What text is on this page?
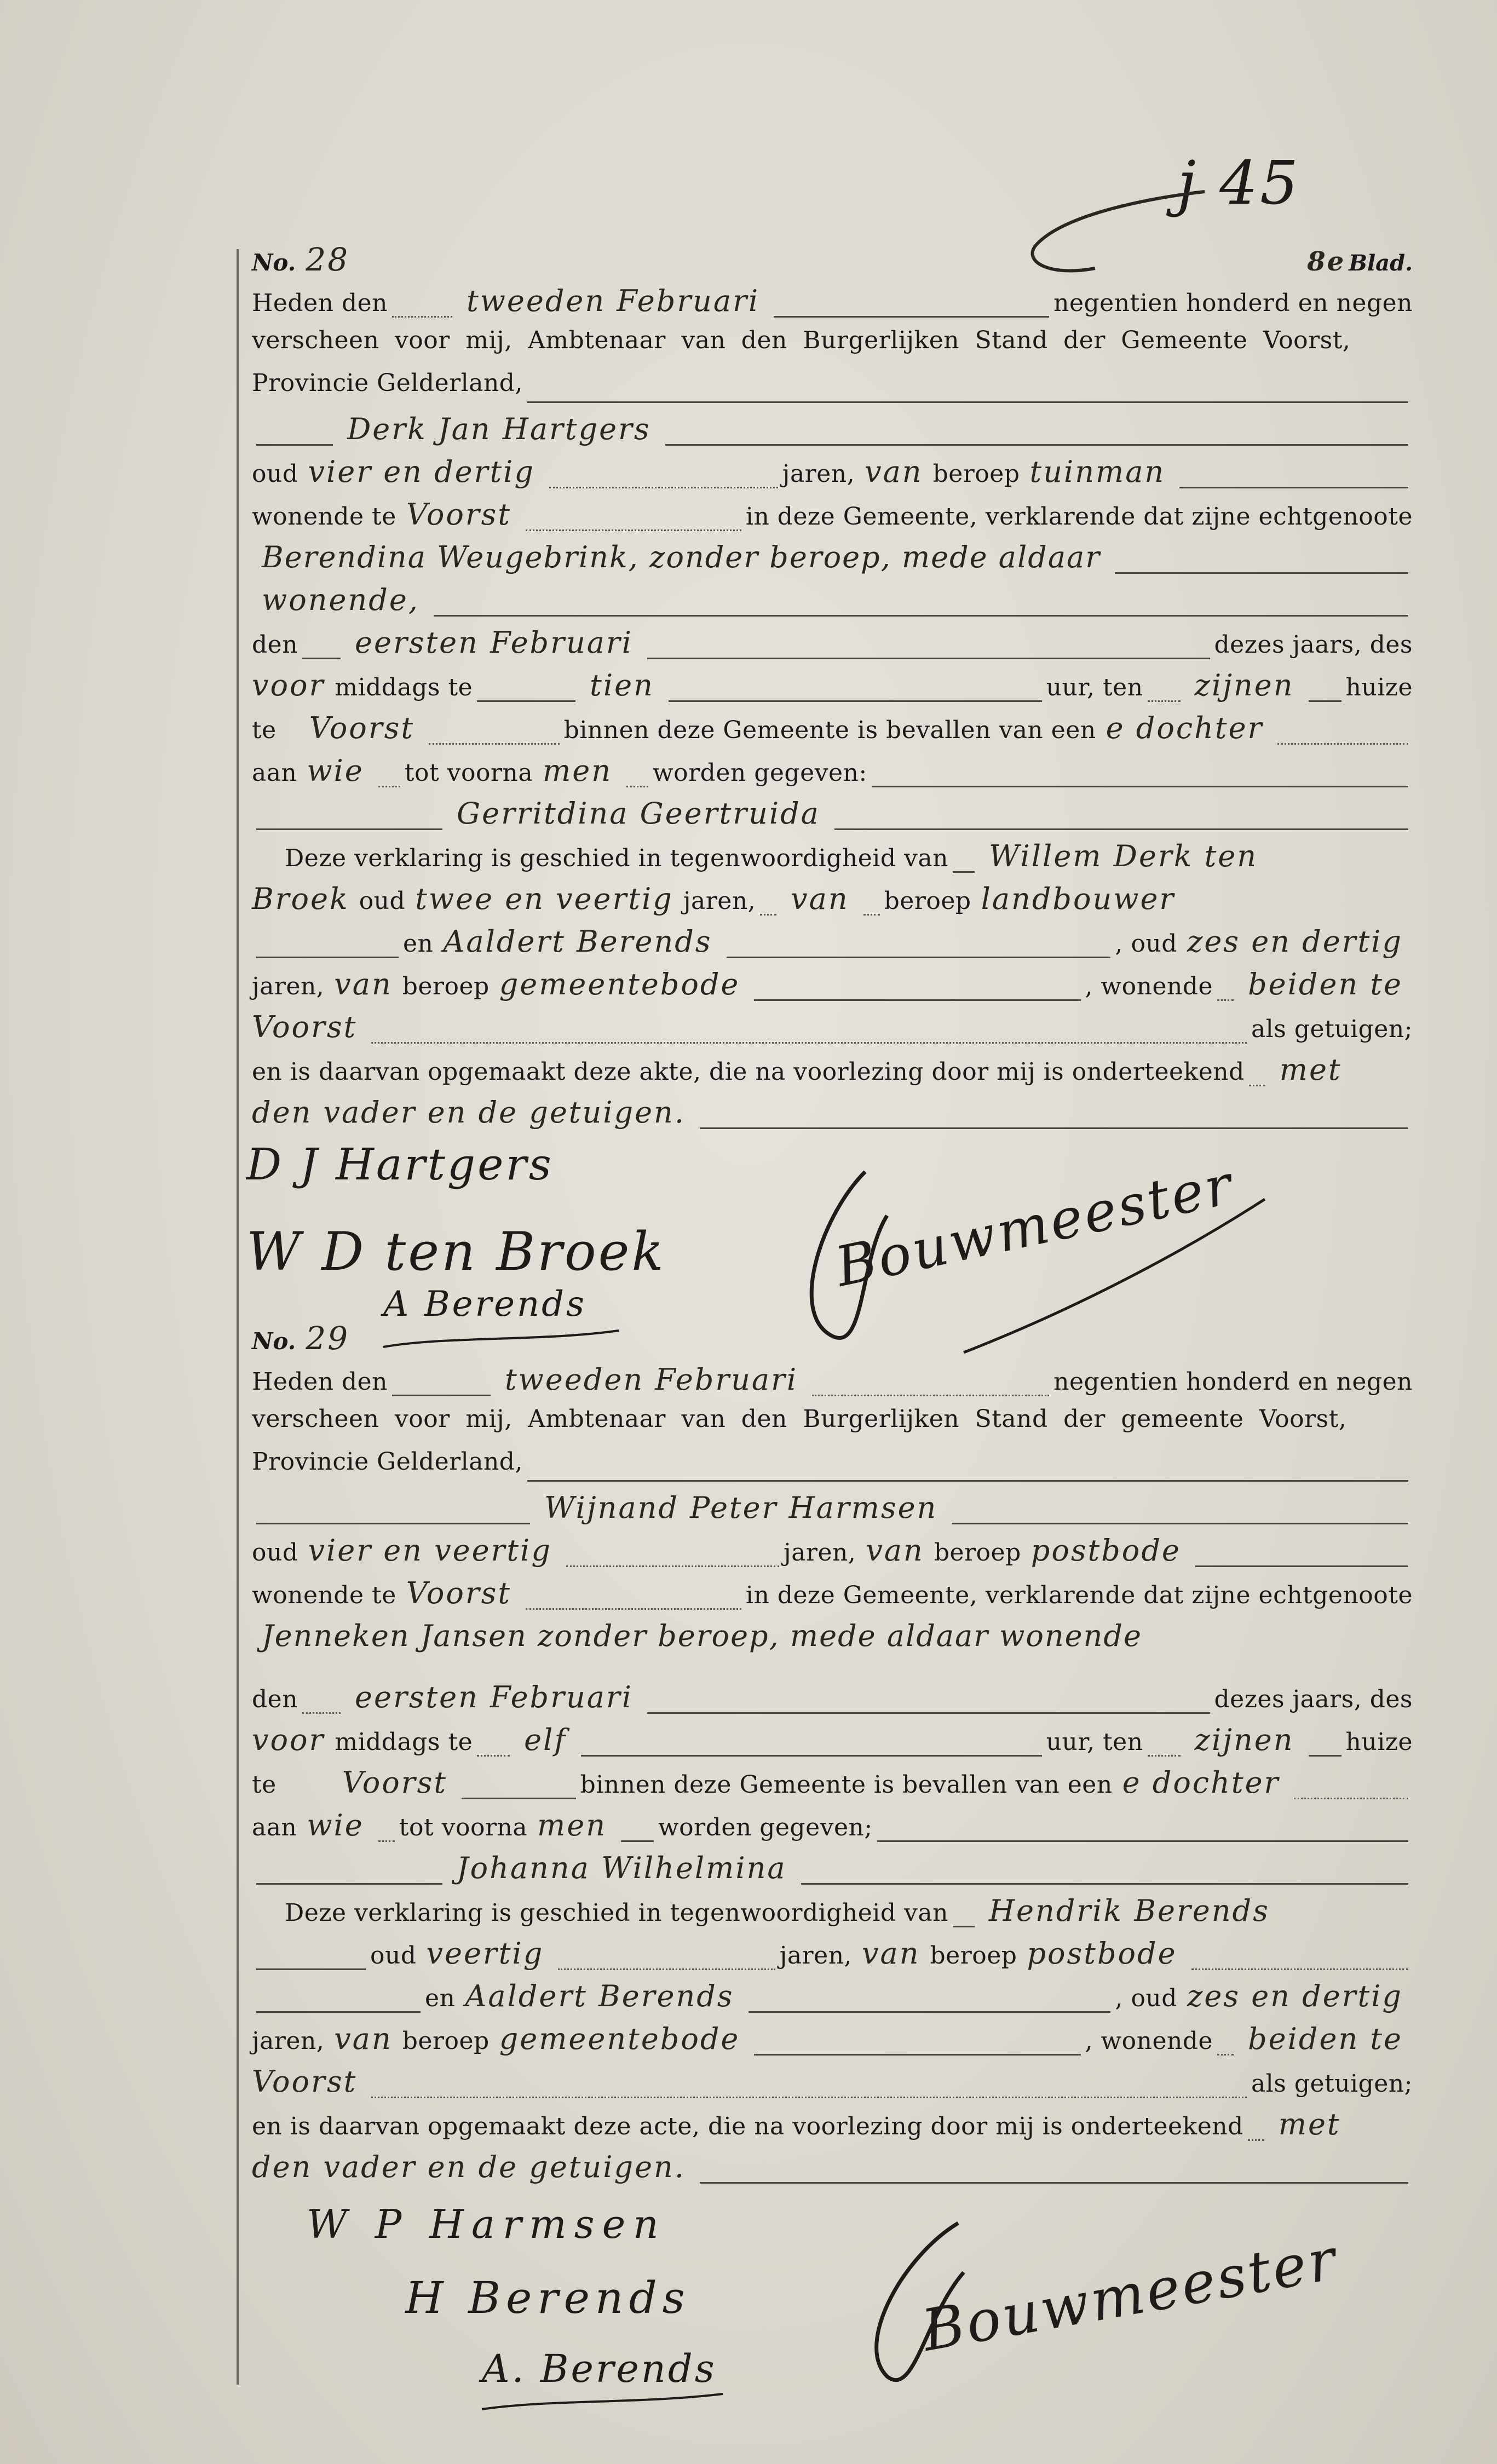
j 45
No. 28	8e Blad.
Heden den	tweeden Februari	negentien honderd en negen
verscheen voor mij, Ambtenaar van den Burgerlijken Stand der Gemeente Voorst,
Provincie Gelderland,
Derk Jan Hartgers
oud vier en dertig	jaren, van beroep tuinman
wonende te Voorst	in deze Gemeente, verklarende dat zijne echtgenoote
Berendina Weugebrink, zonder beroep, mede aldaar
wonende,
den	eersten Februari	dezes jaars, des
voor middags te	tien	uur, ten	zijnen	huize
te	Voorst	binnen deze Gemeente is bevallen van een e dochter
aan wie	tot voorna men	worden gegeven:
Gerritdina Geertruida
Deze verklaring is geschied in tegenwoordigheid van	Willem Derk ten
Broek oud twee en veertig jaren,	van	beroep landbouwer
en Aaldert Berends	, oud zes en dertig
jaren, van beroep gemeentebode	, wonende	beiden te
Voorst	als getuigen;
en is daarvan opgemaakt deze akte, die na voorlezing door mij is onderteekend	met
den vader en de getuigen.
D J Hartgers
W D ten Broek
A Berends
Bouwmeester
No. 29
Heden den	tweeden Februari	negentien honderd en negen
verscheen voor mij, Ambtenaar van den Burgerlijken Stand der gemeente Voorst,
Provincie Gelderland,
Wijnand Peter Harmsen
oud vier en veertig	jaren, van beroep postbode
wonende te Voorst	in deze Gemeente, verklarende dat zijne echtgenoote
Jenneken Jansen zonder beroep, mede aldaar wonende
den	eersten Februari	dezes jaars, des
voor middags te	elf	uur, ten	zijnen	huize
te	Voorst	binnen deze Gemeente is bevallen van een e dochter
aan wie	tot voorna men	worden gegeven;
Johanna Wilhelmina
Deze verklaring is geschied in tegenwoordigheid van	Hendrik Berends
oud veertig	jaren, van beroep postbode
en Aaldert Berends	, oud zes en dertig
jaren, van beroep gemeentebode	, wonende	beiden te
Voorst	als getuigen;
en is daarvan opgemaakt deze acte, die na voorlezing door mij is onderteekend	met
den vader en de getuigen.
W P Harmsen
H Berends
A. Berends
Bouwmeester
